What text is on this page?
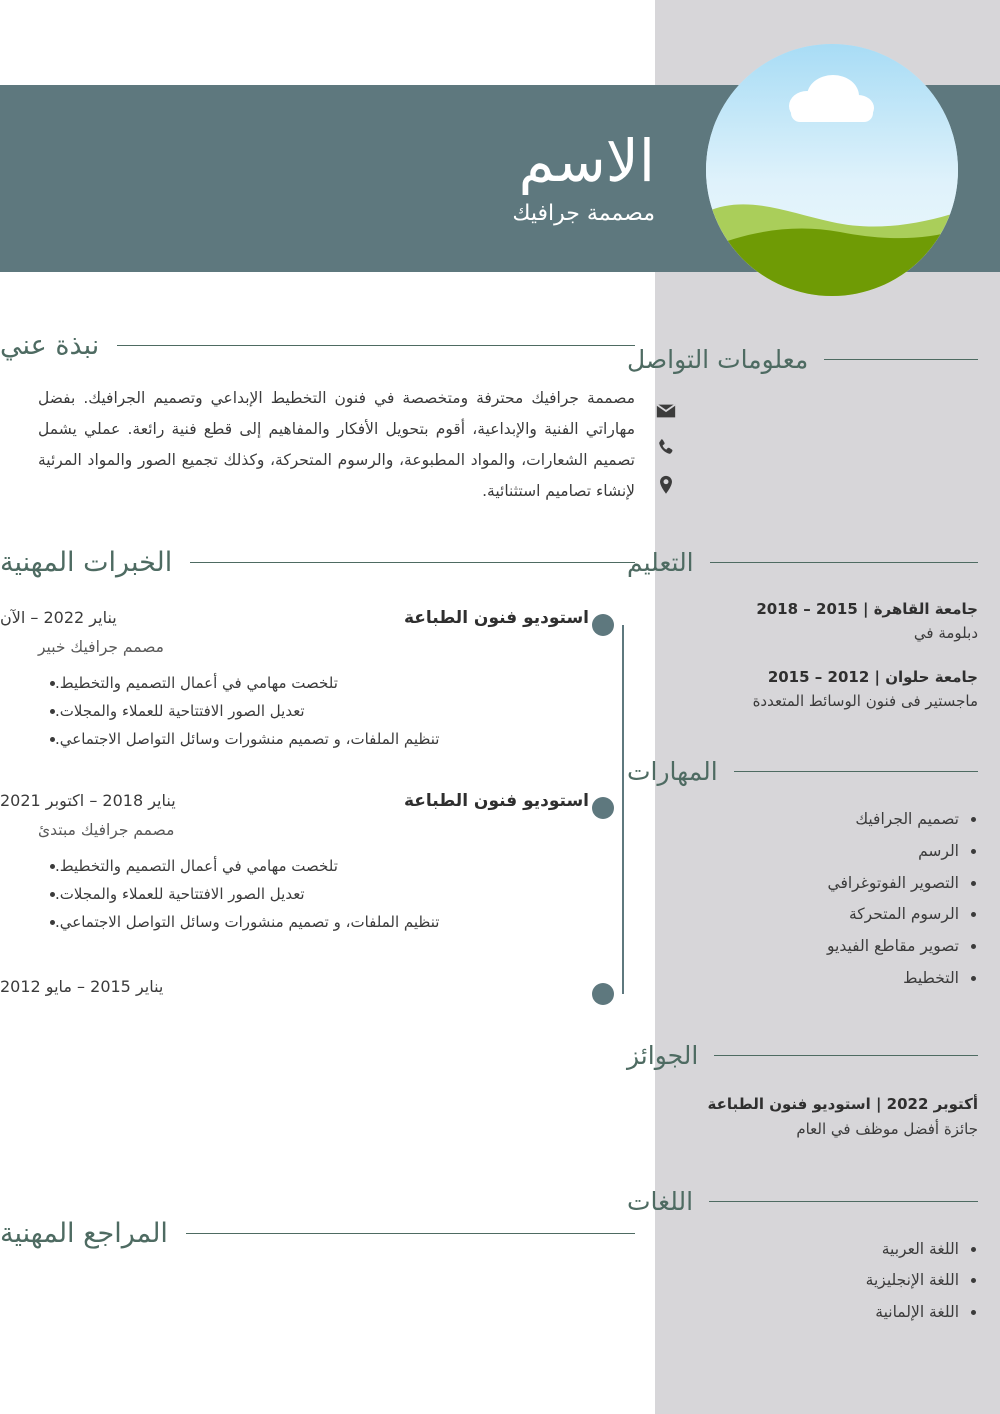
الاسم
مصممة جرافيك
نبذة عني

مصممة جرافيك محترفة ومتخصصة في فنون التخطيط الإبداعي وتصميم الجرافيك. بفضل مهاراتي الفنية والإبداعية، أقوم بتحويل الأفكار والمفاهيم إلى قطع فنية رائعة. عملي يشمل تصميم الشعارات، والمواد المطبوعة، والرسوم المتحركة، وكذلك تجميع الصور والمواد المرئية لإنشاء تصاميم استثنائية.

الخبرات المهنية
استوديو فنون الطباعة
يناير 2022 – الآن
مصمم جرافيك خبير
تلخصت مهامي في أعمال التصميم والتخطيط.
تعديل الصور الافتتاحية للعملاء والمجلات.
تنظيم الملفات، و تصميم منشورات وسائل التواصل الاجتماعي.
استوديو فنون الطباعة
يناير 2018 – اكتوبر 2021
مصمم جرافيك مبتدئ
تلخصت مهامي في أعمال التصميم والتخطيط.
تعديل الصور الافتتاحية للعملاء والمجلات.
تنظيم الملفات، و تصميم منشورات وسائل التواصل الاجتماعي.
يناير 2015 – مايو 2012
المراجع المهنية
معلومات التواصل
التعليم
جامعة القاهرة | 2015 – 2018
دبلومة في
جامعة حلوان | 2012 – 2015
ماجستير فى فنون الوسائط المتعددة
المهارات
تصميم الجرافيك
الرسم
التصوير الفوتوغرافي
الرسوم المتحركة
تصوير مقاطع الفيديو
التخطيط
الجوائز
أكتوبر 2022 | استوديو فنون الطباعة
جائزة أفضل موظف في العام
اللغات
اللغة العربية
اللغة الإنجليزية
اللغة الإلمانية
